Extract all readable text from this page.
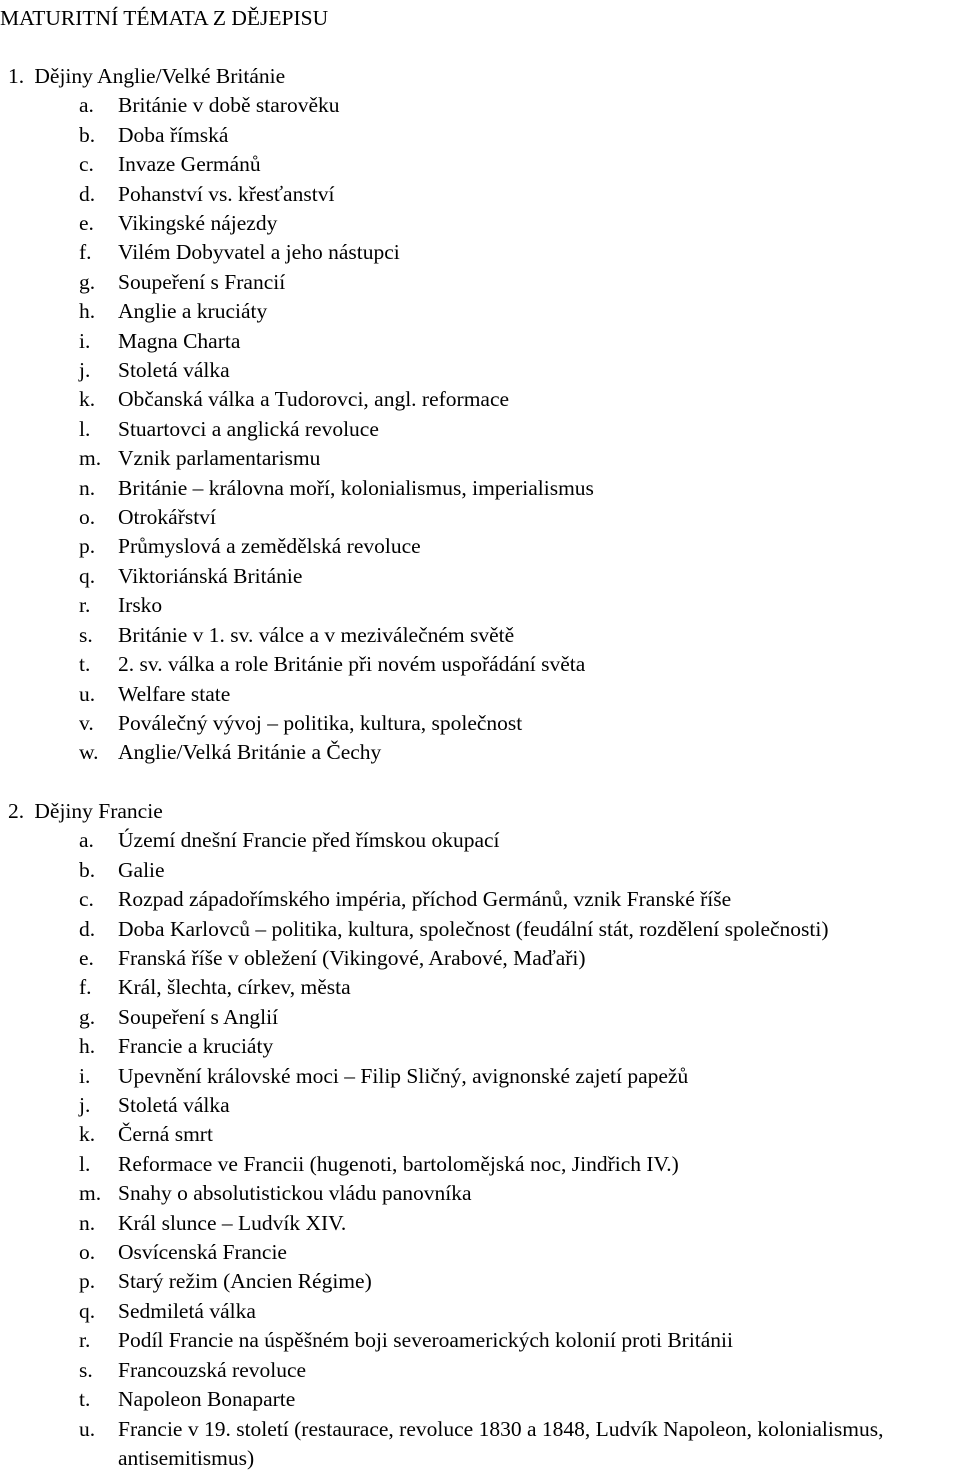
MATURITNÍ TÉMATA Z DĚJEPISU
1. Dějiny Anglie/Velké Británie
a. Británie v době starověku
b. Doba římská
c. Invaze Germánů
d. Pohanství vs. křesťanství
e. Vikingské nájezdy
f. Vilém Dobyvatel a jeho nástupci
g. Soupeření s Francií
h. Anglie a kruciáty
i. Magna Charta
j. Stoletá válka
k. Občanská válka a Tudorovci, angl. reformace
l. Stuartovci a anglická revoluce
m. Vznik parlamentarismu
n. Británie – královna moří, kolonialismus, imperialismus
o. Otrokářství
p. Průmyslová a zemědělská revoluce
q. Viktoriánská Británie
r. Irsko
s. Británie v 1. sv. válce a v meziválečném světě
t. 2. sv. válka a role Británie při novém uspořádání světa
u. Welfare state
v. Poválečný vývoj – politika, kultura, společnost
w. Anglie/Velká Británie a Čechy
2. Dějiny Francie
a. Území dnešní Francie před římskou okupací
b. Galie
c. Rozpad západořímského impéria, příchod Germánů, vznik Franské říše
d. Doba Karlovců – politika, kultura, společnost (feudální stát, rozdělení společnosti)
e. Franská říše v obležení (Vikingové, Arabové, Maďaři)
f. Král, šlechta, církev, města
g. Soupeření s Anglií
h. Francie a kruciáty
i. Upevnění královské moci – Filip Sličný, avignonské zajetí papežů
j. Stoletá válka
k. Černá smrt
l. Reformace ve Francii (hugenoti, bartolomějská noc, Jindřich IV.)
m. Snahy o absolutistickou vládu panovníka
n. Král slunce – Ludvík XIV.
o. Osvícenská Francie
p. Starý režim (Ancien Régime)
q. Sedmiletá válka
r. Podíl Francie na úspěšném boji severoamerických kolonií proti Británii
s. Francouzská revoluce
t. Napoleon Bonaparte
u. Francie v 19. století (restaurace, revoluce 1830 a 1848, Ludvík Napoleon, kolonialismus, antisemitismus)
